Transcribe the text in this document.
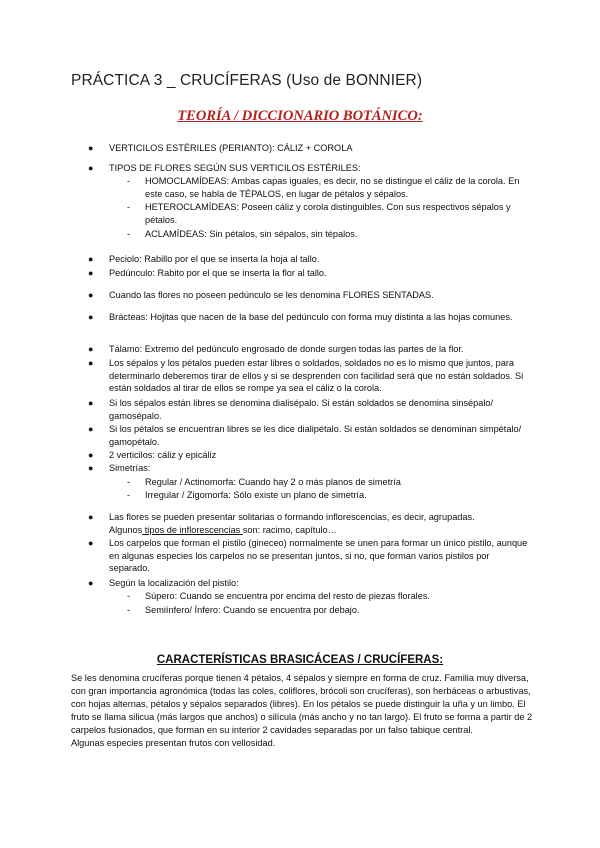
PRÁCTICA 3 _ CRUCÍFERAS (Uso de BONNIER)
TEORÍA / DICCIONARIO BOTÁNICO:
● VERTICILOS ESTÉRILES (PERIANTO): CÁLIZ + COROLA
● TIPOS DE FLORES SEGÚN SUS VERTICILOS ESTÉRILES:
- HOMOCLAMÍDEAS: Ambas capas iguales, es decir, no se distingue el cáliz de la corola. En este caso, se habla de TÉPALOS, en lugar de pétalos y sépalos.
- HETEROCLAMÍDEAS: Poseen cáliz y corola distinguibles. Con sus respectivos sépalos y pétalos.
- ACLAMÍDEAS: Sin pétalos, sin sépalos, sin tépalos.
● Peciolo: Rabillo por el que se inserta la hoja al tallo.
● Pedúnculo: Rabito por el que se inserta la flor al tallo.
● Cuando las flores no poseen pedúnculo se les denomina FLORES SENTADAS.
● Brácteas: Hojitas que nacen de la base del pedúnculo con forma muy distinta a las hojas comunes.
● Tálamo: Extremo del pedúnculo engrosado de donde surgen todas las partes de la flor.
● Los sépalos y los pétalos pueden estar libres o soldados, soldados no es lo mismo que juntos, para determinarlo deberemos tirar de ellos y si se desprenden con facilidad será que no están soldados. Si están soldados al tirar de ellos se rompe ya sea el cáliz o la corola.
● Si los sépalos están libres se denomina dialisépalo. Si están soldados se denomina sinsépalo/ gamosépalo.
● Si los pétalos se encuentran libres se les dice dialipétalo. Si están soldados se denominan simpétalo/ gamopétalo.
● 2 verticilos: cáliz y epicáliz
● Simetrías:
- Regular / Actinomorfa: Cuando hay 2 o más planos de simetría
- Irregular / Zigomorfa: Sólo existe un plano de simetría.
● Las flores se pueden presentar solitarias o formando inflorescencias, es decir, agrupadas.
Algunos tipos de inflorescencias son: racimo, capítulo…
● Los carpelos que forman el pistilo (gineceo) normalmente se unen para formar un único pistilo, aunque en algunas especies los carpelos no se presentan juntos, si no, que forman varios pistilos por separado.
● Según la localización del pistilo:
- Súpero: Cuando se encuentra por encima del resto de piezas florales.
- Semiínfero/ Ínfero: Cuando se encuentra por debajo.
CARACTERÍSTICAS BRASICÁCEAS / CRUCÍFERAS:
Se les denomina crucíferas porque tienen 4 pétalos, 4 sépalos y siempre en forma de cruz. Familia muy diversa, con gran importancia agronómica (todas las coles, coliflores, brócoli son crucíferas), son herbáceas o arbustivas, con hojas alternas, pétalos y sépalos separados (libres). En los pétalos se puede distinguir la uña y un limbo. El fruto se llama silicua (más largos que anchos) o silícula (más ancho y no tan largo). El fruto se forma a partir de 2 carpelos fusionados, que forman en su interior 2 cavidades separadas por un falso tabique central.
Algunas especies presentan frutos con vellosidad.
